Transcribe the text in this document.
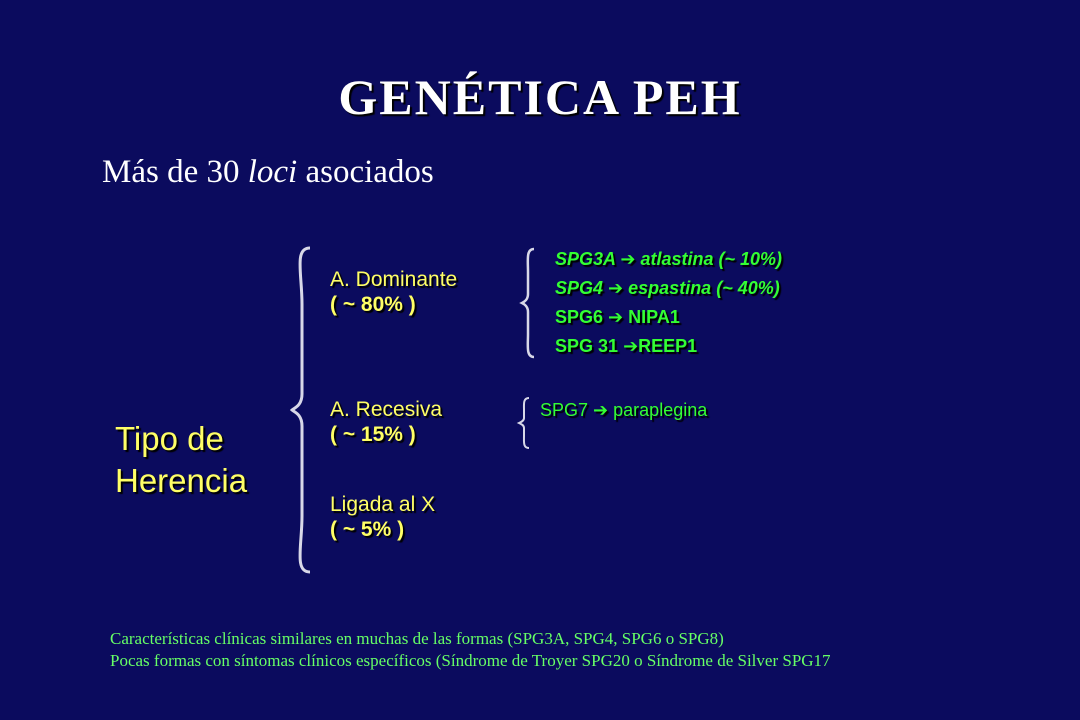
GENÉTICA PEH
Más de 30 loci asociados
Tipo de
Herencia
A. Dominante
( ~ 80% )
A. Recesiva
( ~ 15% )
Ligada al X
( ~ 5% )
SPG3A ➔ atlastina (~ 10%)
SPG4 ➔ espastina (~ 40%)
SPG6 ➔ NIPA1
SPG 31 ➔REEP1
SPG7 ➔ paraplegina
Características clínicas similares en muchas de las formas (SPG3A, SPG4, SPG6 o SPG8)
Pocas formas con síntomas clínicos específicos (Síndrome de Troyer SPG20 o Síndrome de Silver SPG17
